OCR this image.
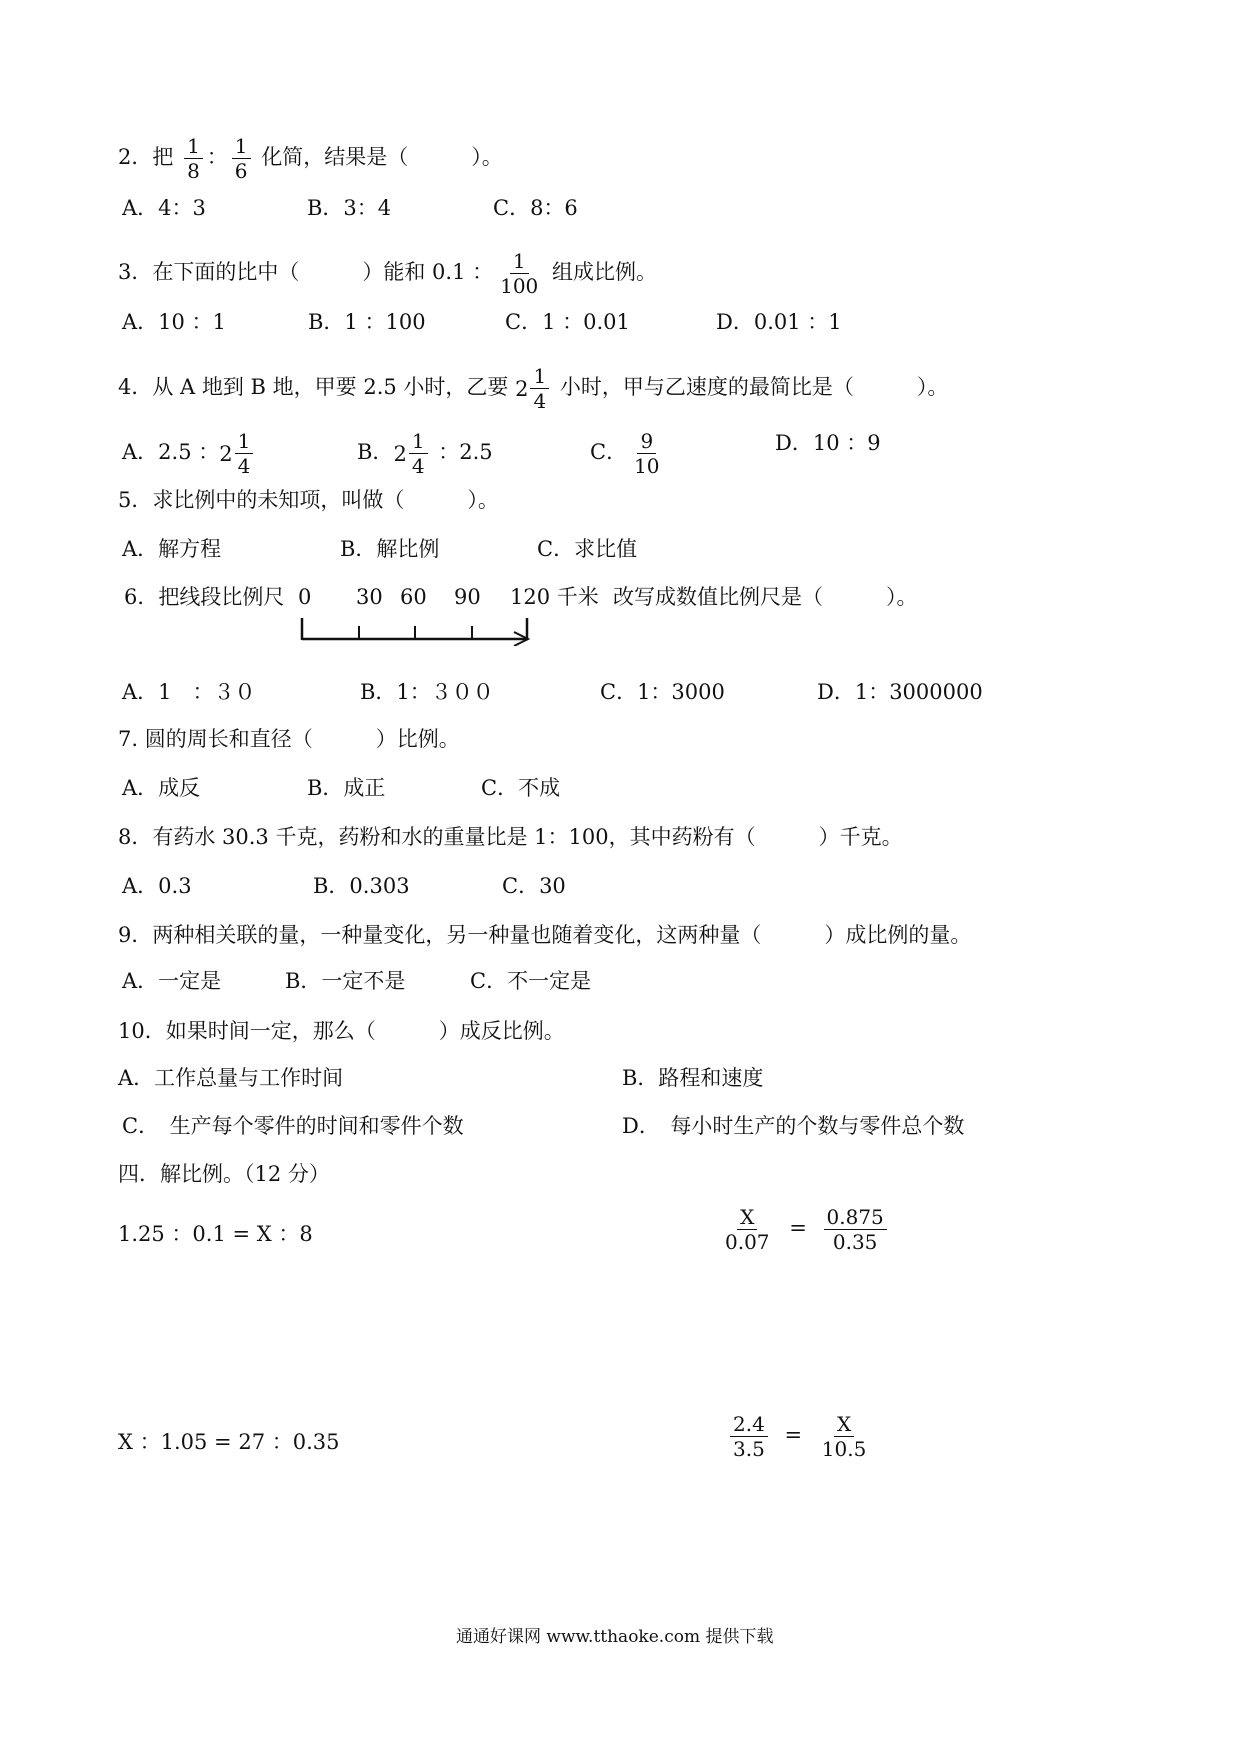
2．把 $\frac{1}{8}$ ： $\frac{1}{6}$ 化简，结果是（　　　）。
A．4：3	B．3：4	C．8：6
3．在下面的比中（　　　）能和 0.1 ： $\frac{1}{100}$ 组成比例。
A．10 ：1	B．1 ：100	C．1 ：0.01	D．0.01 ：1
4．从 A 地到 B 地，甲要 2.5 小时，乙要 $2 \frac{1}{4}$ 小时，甲与乙速度的最简比是（　　　）。
A．2.5 ： $2 \frac{1}{4}$	B． $2 \frac{1}{4}$ ：2.5	C． $\frac{9}{10}$	D．10 ：9
5．求比例中的未知项，叫做（　　　）。
A．解方程	B．解比例	C．求比值
6．把线段比例尺 0 30 60 90 120 千米 改写成数值比例尺是（　　　）。
A．1　：３０	B．1：３００	C．1：3000	D．1：3000000
7. 圆的周长和直径（　　　）比例。
A．成反	B．成正	C．不成
8．有药水 30.3 千克，药粉和水的重量比是 1：100，其中药粉有（　　　）千克。
A．0.3	B．0.303	C．30
9．两种相关联的量，一种量变化，另一种量也随着变化，这两种量（　　　）成比例的量。
A．一定是	B．一定不是	C．不一定是
10．如果时间一定，那么（　　　）成反比例。
A．工作总量与工作时间	B．路程和速度
C．　生产每个零件的时间和零件个数	D．　每小时生产的个数与零件总个数
四．解比例。（12 分）
1.25 ：0.1 = X ：8	$\frac{X}{0.07} = \frac{0.875}{0.35}$
X ：1.05 = 27 ：0.35	$\frac{2.4}{3.5} = \frac{X}{10.5}$
通通好课网 www.tthaoke.com 提供下载
